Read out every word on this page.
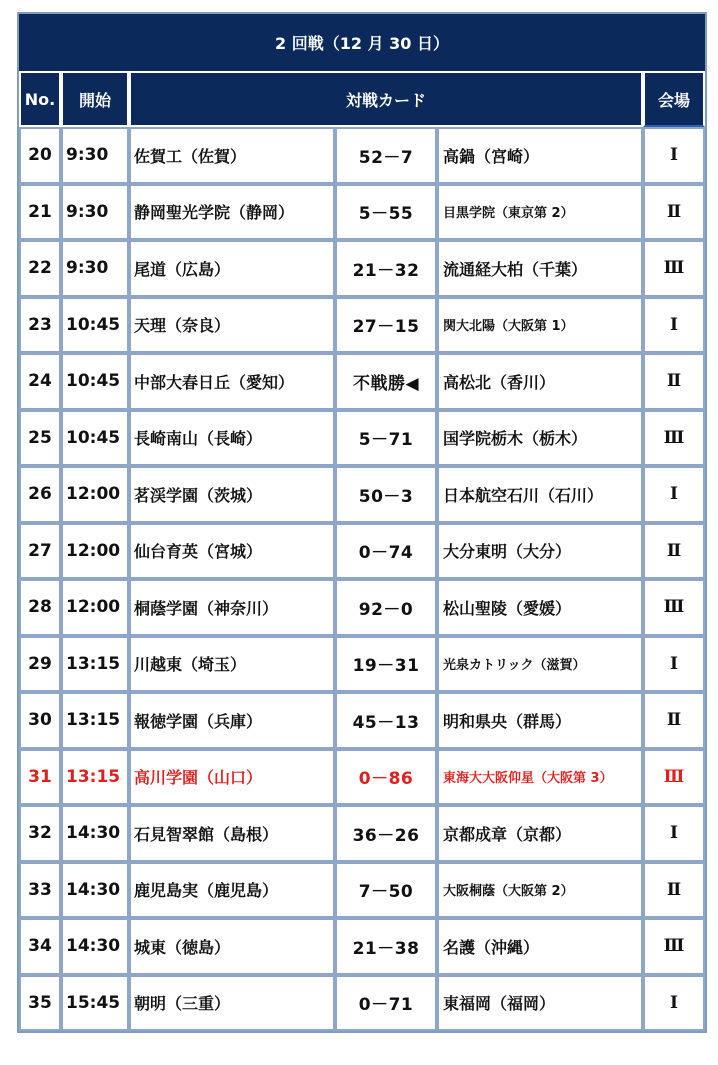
2 回戦（12 月 30 日）					
No.	開始	対戦カード			会場
20	9:30	佐賀工（佐賀）	52－7	高鍋（宮崎）	Ⅰ
21	9:30	静岡聖光学院（静岡）	5－55	目黒学院（東京第 2）	Ⅱ
22	9:30	尾道（広島）	21－32	流通経大柏（千葉）	Ⅲ
23	10:45	天理（奈良）	27－15	関大北陽（大阪第 1）	Ⅰ
24	10:45	中部大春日丘（愛知）	不戦勝◀	高松北（香川）	Ⅱ
25	10:45	長崎南山（長崎）	5－71	国学院栃木（栃木）	Ⅲ
26	12:00	茗渓学園（茨城）	50－3	日本航空石川（石川）	Ⅰ
27	12:00	仙台育英（宮城）	0－74	大分東明（大分）	Ⅱ
28	12:00	桐蔭学園（神奈川）	92－0	松山聖陵（愛媛）	Ⅲ
29	13:15	川越東（埼玉）	19－31	光泉カトリック（滋賀）	Ⅰ
30	13:15	報徳学園（兵庫）	45－13	明和県央（群馬）	Ⅱ
31	13:15	高川学園（山口）	0－86	東海大大阪仰星（大阪第 3）	Ⅲ
32	14:30	石見智翠館（島根）	36－26	京都成章（京都）	Ⅰ
33	14:30	鹿児島実（鹿児島）	7－50	大阪桐蔭（大阪第 2）	Ⅱ
34	14:30	城東（徳島）	21－38	名護（沖縄）	Ⅲ
35	15:45	朝明（三重）	0－71	東福岡（福岡）	Ⅰ
